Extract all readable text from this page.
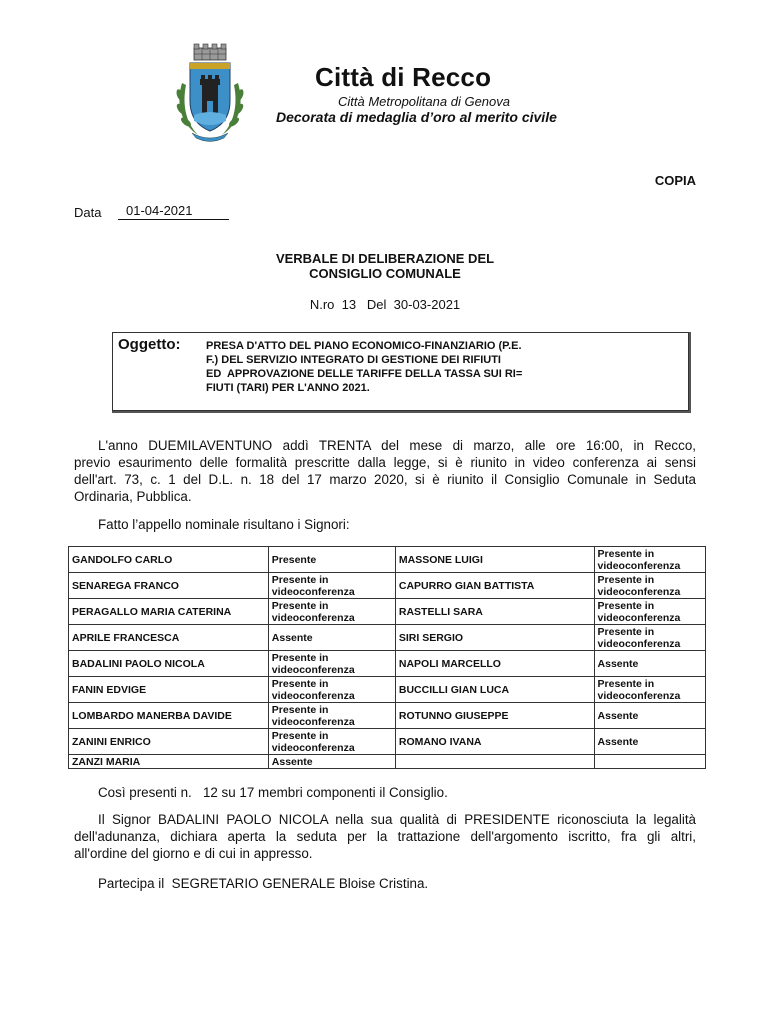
Città di Recco
Città Metropolitana di Genova
Decorata di medaglia d’oro al merito civile
COPIA
Data	01-04-2021
VERBALE DI DELIBERAZIONE DEL
CONSIGLIO COMUNALE
N.ro  13   Del  30-03-2021
Oggetto: PRESA D'ATTO DEL PIANO ECONOMICO-FINANZIARIO (P.E.
F.) DEL SERVIZIO INTEGRATO DI GESTIONE DEI RIFIUTI
ED  APPROVAZIONE DELLE TARIFFE DELLA TASSA SUI RI=
FIUTI (TARI) PER L'ANNO 2021.
L'anno DUEMILAVENTUNO addì TRENTA del mese di marzo, alle ore 16:00, in Recco,
previo esaurimento delle formalità prescritte dalla legge, si è riunito in video conferenza ai sensi
dell'art. 73, c. 1 del D.L. n. 18 del 17 marzo 2020, si è riunito il Consiglio Comunale in Seduta
Ordinaria, Pubblica.
Fatto l’appello nominale risultano i Signori:
GANDOLFO CARLO	Presente	MASSONE LUIGI	Presente in videoconferenza
SENAREGA FRANCO	Presente in videoconferenza	CAPURRO GIAN BATTISTA	Presente in videoconferenza
PERAGALLO MARIA CATERINA	Presente in videoconferenza	RASTELLI SARA	Presente in videoconferenza
APRILE FRANCESCA	Assente	SIRI SERGIO	Presente in videoconferenza
BADALINI PAOLO NICOLA	Presente in videoconferenza	NAPOLI MARCELLO	Assente
FANIN EDVIGE	Presente in videoconferenza	BUCCILLI GIAN LUCA	Presente in videoconferenza
LOMBARDO MANERBA DAVIDE	Presente in videoconferenza	ROTUNNO GIUSEPPE	Assente
ZANINI ENRICO	Presente in videoconferenza	ROMANO IVANA	Assente
ZANZI MARIA	Assente		
Così presenti n.   12 su 17 membri componenti il Consiglio.
Il Signor BADALINI PAOLO NICOLA nella sua qualità di PRESIDENTE riconosciuta la legalità
dell'adunanza, dichiara aperta la seduta per la trattazione dell'argomento iscritto, fra gli altri,
all'ordine del giorno e di cui in appresso.
Partecipa il  SEGRETARIO GENERALE Bloise Cristina.
